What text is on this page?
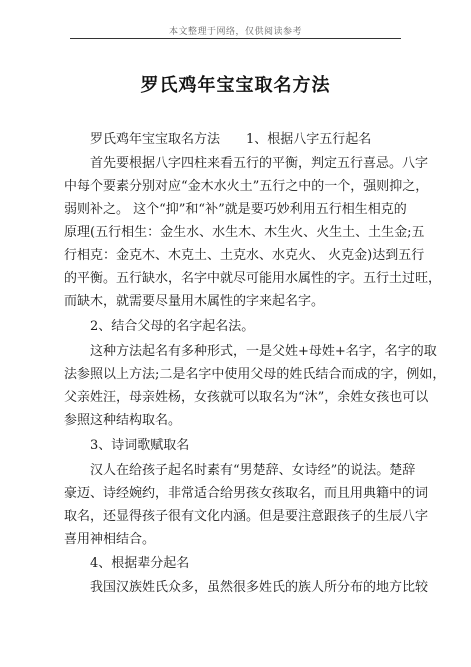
本文整理于网络，仅供阅读参考
罗氏鸡年宝宝取名方法
罗氏鸡年宝宝取名方法　　1、根据八字五行起名
首先要根据八字四柱来看五行的平衡，判定五行喜忌。八字
中每个要素分别对应“金木水火土”五行之中的一个，强则抑之，
弱则补之。 这个“抑”和“补”就是要巧妙利用五行相生相克的
原理(五行相生：金生水、水生木、木生火、火生土、土生金;五
行相克：金克木、木克土、土克水、水克火、 火克金)达到五行
的平衡。五行缺水，名字中就尽可能用水属性的字。五行土过旺，
而缺木，就需要尽量用木属性的字来起名字。
2、结合父母的名字起名法。
这种方法起名有多种形式，一是父姓+母姓+名字，名字的取
法参照以上方法;二是名字中使用父母的姓氏结合而成的字，例如，
父亲姓汪，母亲姓杨，女孩就可以取名为“沐”，余姓女孩也可以
参照这种结构取名。
3、诗词歌赋取名
汉人在给孩子起名时素有“男楚辞、女诗经”的说法。楚辞
豪迈、诗经婉约，非常适合给男孩女孩取名，而且用典籍中的词
取名，还显得孩子很有文化内涵。但是要注意跟孩子的生辰八字
喜用神相结合。
4、根据辈分起名
我国汉族姓氏众多，虽然很多姓氏的族人所分布的地方比较
